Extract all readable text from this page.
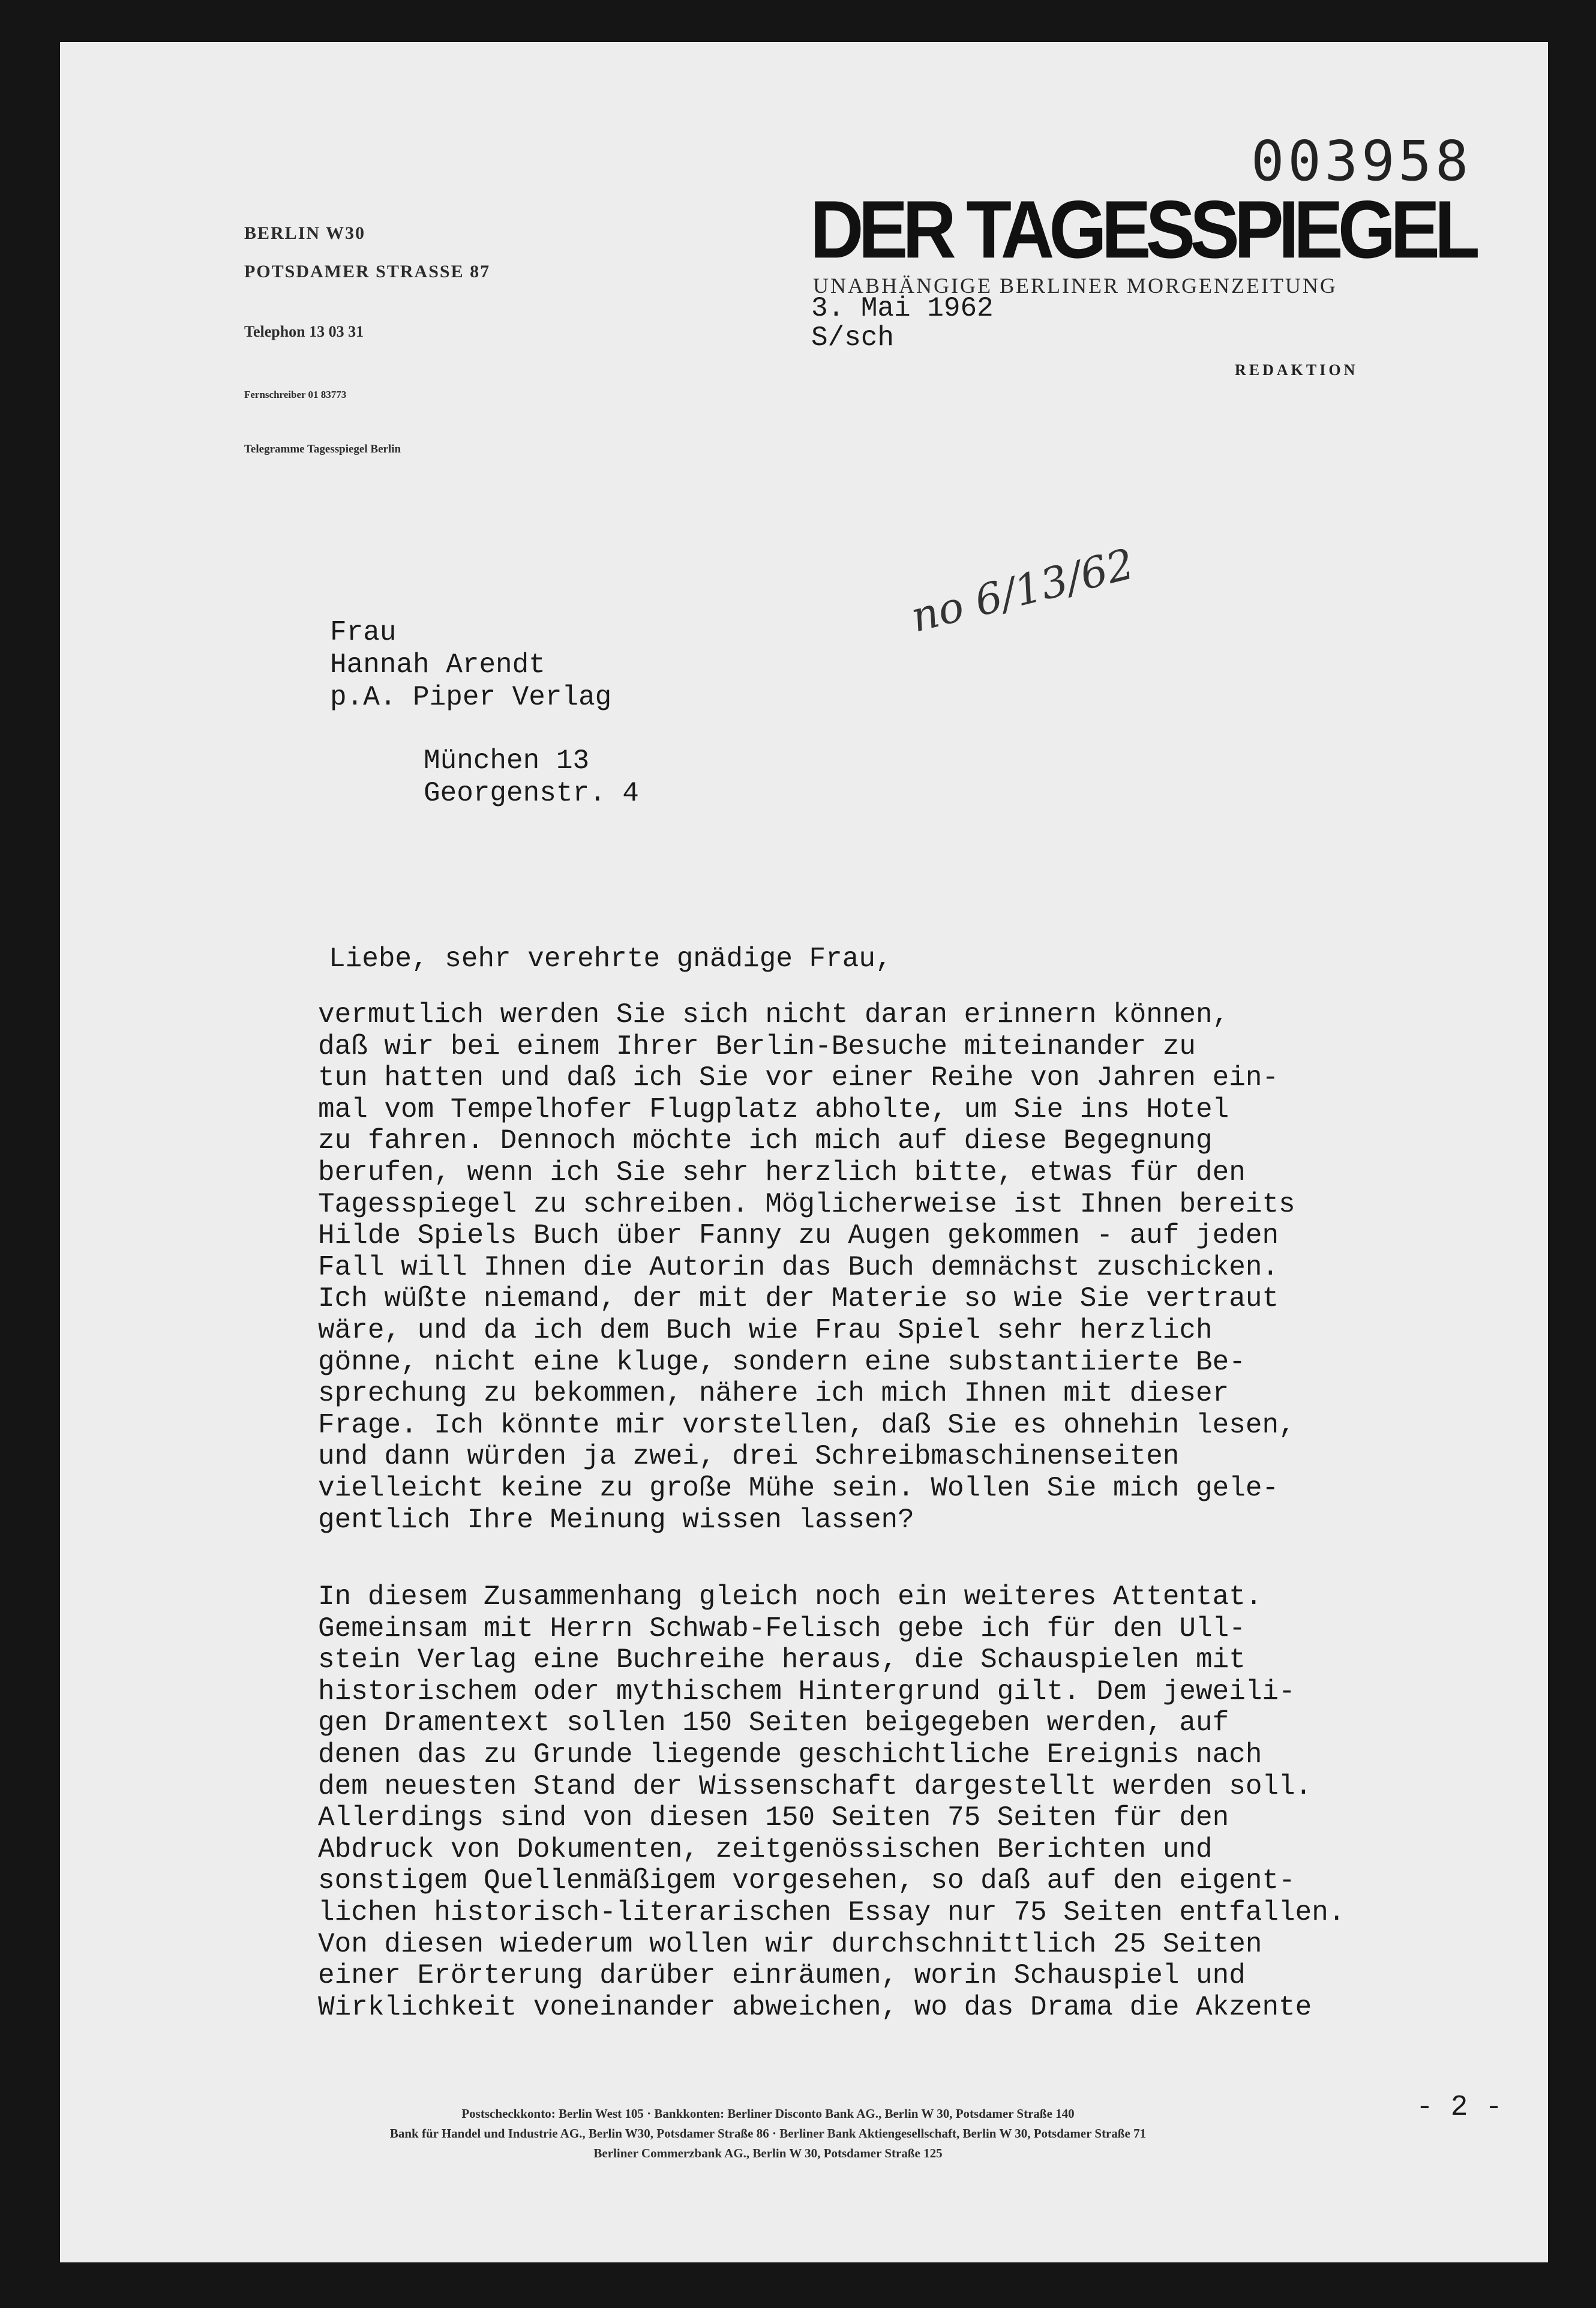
003958
DER TAGESSPIEGEL
UNABHÄNGIGE BERLINER MORGENZEITUNG
REDAKTION
BERLIN W30
POTSDAMER STRASSE 87
Telephon 13 03 31
Fernschreiber 01 83773
Telegramme Tagesspiegel Berlin
3. Mai 1962
S/sch
no 6/13/62
Frau
Hannah Arendt
p.A. Piper Verlag
München 13
Georgenstr. 4
Liebe, sehr verehrte gnädige Frau,
vermutlich werden Sie sich nicht daran erinnern können,
daß wir bei einem Ihrer Berlin-Besuche miteinander zu
tun hatten und daß ich Sie vor einer Reihe von Jahren ein-
mal vom Tempelhofer Flugplatz abholte, um Sie ins Hotel
zu fahren. Dennoch möchte ich mich auf diese Begegnung
berufen, wenn ich Sie sehr herzlich bitte, etwas für den
Tagesspiegel zu schreiben. Möglicherweise ist Ihnen bereits
Hilde Spiels Buch über Fanny zu Augen gekommen - auf jeden
Fall will Ihnen die Autorin das Buch demnächst zuschicken.
Ich wüßte niemand, der mit der Materie so wie Sie vertraut
wäre, und da ich dem Buch wie Frau Spiel sehr herzlich
gönne, nicht eine kluge, sondern eine substantiierte Be-
sprechung zu bekommen, nähere ich mich Ihnen mit dieser
Frage. Ich könnte mir vorstellen, daß Sie es ohnehin lesen,
und dann würden ja zwei, drei Schreibmaschinenseiten
vielleicht keine zu große Mühe sein. Wollen Sie mich gele-
gentlich Ihre Meinung wissen lassen?
In diesem Zusammenhang gleich noch ein weiteres Attentat.
Gemeinsam mit Herrn Schwab-Felisch gebe ich für den Ull-
stein Verlag eine Buchreihe heraus, die Schauspielen mit
historischem oder mythischem Hintergrund gilt. Dem jeweili-
gen Dramentext sollen 150 Seiten beigegeben werden, auf
denen das zu Grunde liegende geschichtliche Ereignis nach
dem neuesten Stand der Wissenschaft dargestellt werden soll.
Allerdings sind von diesen 150 Seiten 75 Seiten für den
Abdruck von Dokumenten, zeitgenössischen Berichten und
sonstigem Quellenmäßigem vorgesehen, so daß auf den eigent-
lichen historisch-literarischen Essay nur 75 Seiten entfallen.
Von diesen wiederum wollen wir durchschnittlich 25 Seiten
einer Erörterung darüber einräumen, worin Schauspiel und
Wirklichkeit voneinander abweichen, wo das Drama die Akzente
- 2 -
Postscheckkonto: Berlin West 105 · Bankkonten: Berliner Disconto Bank AG., Berlin W 30, Potsdamer Straße 140
Bank für Handel und Industrie AG., Berlin W30, Potsdamer Straße 86 · Berliner Bank Aktiengesellschaft, Berlin W 30, Potsdamer Straße 71
Berliner Commerzbank AG., Berlin W 30, Potsdamer Straße 125
